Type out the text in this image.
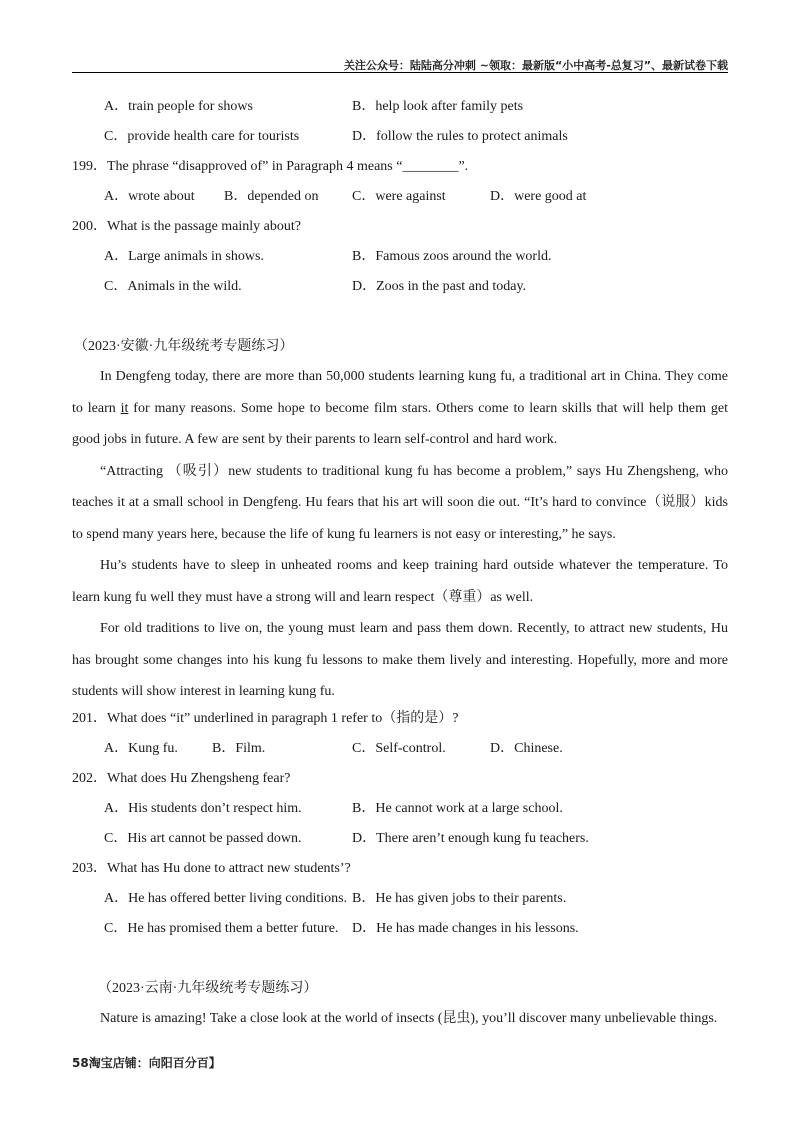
关注公众号：陆陆高分冲刺 ~领取：最新版“小中高考-总复习”、最新试卷下载
A．train people for shows	B．help look after family pets
C．provide health care for tourists	D．follow the rules to protect animals
199．The phrase “disapproved of” in Paragraph 4 means “________”.
A．wrote about B．depended on C．were against	D．were good at
200．What is the passage mainly about?
A．Large animals in shows.	B．Famous zoos around the world.
C．Animals in the wild.	D．Zoos in the past and today.
（2023·安徽·九年级统考专题练习）

In Dengfeng today, there are more than 50,000 students learning kung fu, a traditional art in China. They come to learn it for many reasons. Some hope to become film stars. Others come to learn skills that will help them get good jobs in future. A few are sent by their parents to learn self-control and hard work.

“Attracting （吸引）new students to traditional kung fu has become a problem,” says Hu Zhengsheng, who teaches it at a small school in Dengfeng. Hu fears that his art will soon die out. “It’s hard to convince（说服）kids to spend many years here, because the life of kung fu learners is not easy or interesting,” he says.

Hu’s students have to sleep in unheated rooms and keep training hard outside whatever the temperature. To learn kung fu well they must have a strong will and learn respect（尊重）as well.

For old traditions to live on, the young must learn and pass them down. Recently, to attract new students, Hu has brought some changes into his kung fu lessons to make them lively and interesting. Hopefully, more and more students will show interest in learning kung fu.

201．What does “it” underlined in paragraph 1 refer to（指的是）?
A．Kung fu. B．Film.	C．Self-control.	D．Chinese.
202．What does Hu Zhengsheng fear?
A．His students don’t respect him.	B．He cannot work at a large school.
C．His art cannot be passed down.	D．There aren’t enough kung fu teachers.
203．What has Hu done to attract new students’?
A．He has offered better living conditions. B．He has given jobs to their parents.
C．He has promised them a better future. D．He has made changes in his lessons.
（2023·云南·九年级统考专题练习）
Nature is amazing! Take a close look at the world of insects (昆虫), you’ll discover many unbelievable things.
58淘宝店铺：向阳百分百】
